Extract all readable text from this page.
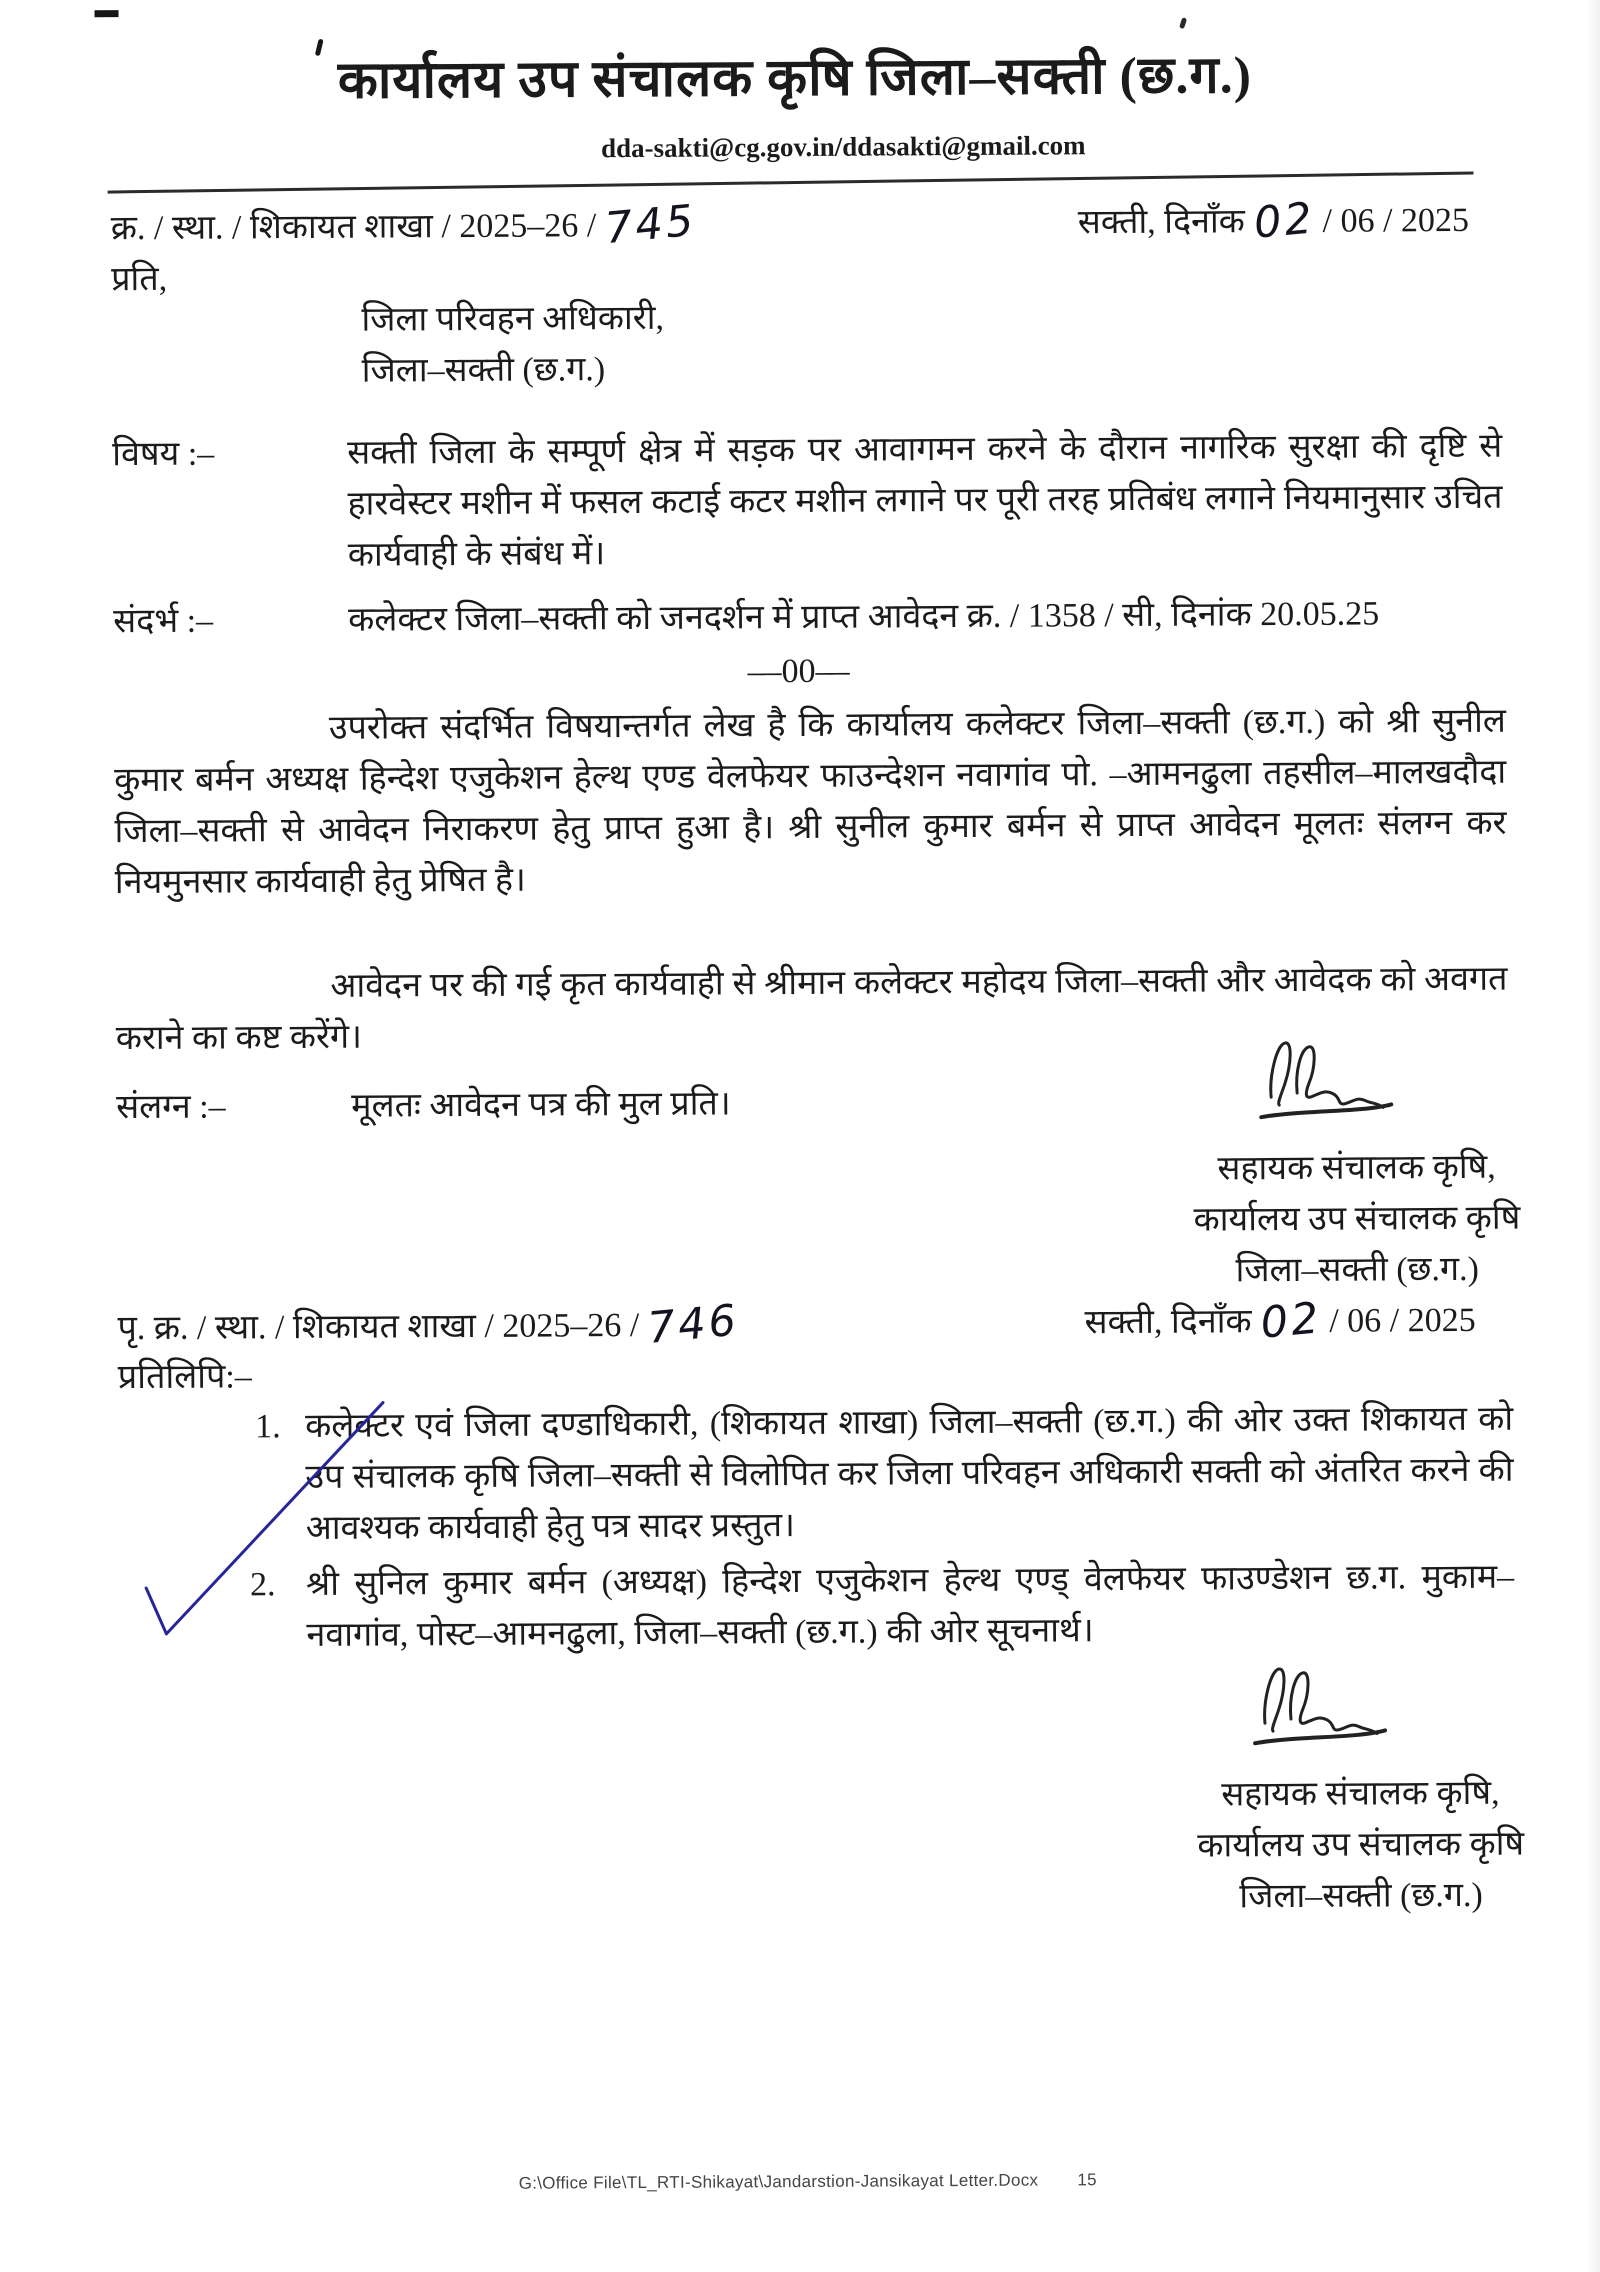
कार्यालय उप संचालक कृषि जिला–सक्ती (छ.ग.)
dda-sakti@cg.gov.in/ddasakti@gmail.com
क्र. / स्था. / शिकायत शाखा / 2025–26 / 745	सक्ती, दिनाँक 02 / 06 / 2025
प्रति,
जिला परिवहन अधिकारी,
जिला–सक्ती (छ.ग.)
विषय :–	सक्ती जिला के सम्पूर्ण क्षेत्र में सड़क पर आवागमन करने के दौरान नागरिक सुरक्षा की दृष्टि से हारवेस्टर मशीन में फसल कटाई कटर मशीन लगाने पर पूरी तरह प्रतिबंध लगाने नियमानुसार उचित कार्यवाही के संबंध में।
संदर्भ :–	कलेक्टर जिला–सक्ती को जनदर्शन में प्राप्त आवेदन क्र. / 1358 / सी, दिनांक 20.05.25
––00––
उपरोक्त संदर्भित विषयान्तर्गत लेख है कि कार्यालय कलेक्टर जिला–सक्ती (छ.ग.) को श्री सुनील कुमार बर्मन अध्यक्ष हिन्देश एजुकेशन हेल्थ एण्ड वेलफेयर फाउन्देशन नवागांव पो. –आमनढुला तहसील–मालखदौदा जिला–सक्ती से आवेदन निराकरण हेतु प्राप्त हुआ है। श्री सुनील कुमार बर्मन से प्राप्त आवेदन मूलतः संलग्न कर नियमुनसार कार्यवाही हेतु प्रेषित है।
आवेदन पर की गई कृत कार्यवाही से श्रीमान कलेक्टर महोदय जिला–सक्ती और आवेदक को अवगत कराने का कष्ट करेंगे।
संलग्न :–	मूलतः आवेदन पत्र की मुल प्रति।
सहायक संचालक कृषि,
कार्यालय उप संचालक कृषि
जिला–सक्ती (छ.ग.)
पृ. क्र. / स्था. / शिकायत शाखा / 2025–26 / 746	सक्ती, दिनाँक 02 / 06 / 2025
प्रतिलिपि:–
1. कलेक्टर एवं जिला दण्डाधिकारी, (शिकायत शाखा) जिला–सक्ती (छ.ग.) की ओर उक्त शिकायत को उप संचालक कृषि जिला–सक्ती से विलोपित कर जिला परिवहन अधिकारी सक्ती को अंतरित करने की आवश्यक कार्यवाही हेतु पत्र सादर प्रस्तुत।
2. श्री सुनिल कुमार बर्मन (अध्यक्ष) हिन्देश एजुकेशन हेल्थ एण्ड् वेलफेयर फाउण्डेशन छ.ग. मुकाम–नवागांव, पोस्ट–आमनढुला, जिला–सक्ती (छ.ग.) की ओर सूचनार्थ।
सहायक संचालक कृषि,
कार्यालय उप संचालक कृषि
जिला–सक्ती (छ.ग.)
G:\Office File\TL_RTI-Shikayat\Jandarstion-Jansikayat Letter.Docx 15
